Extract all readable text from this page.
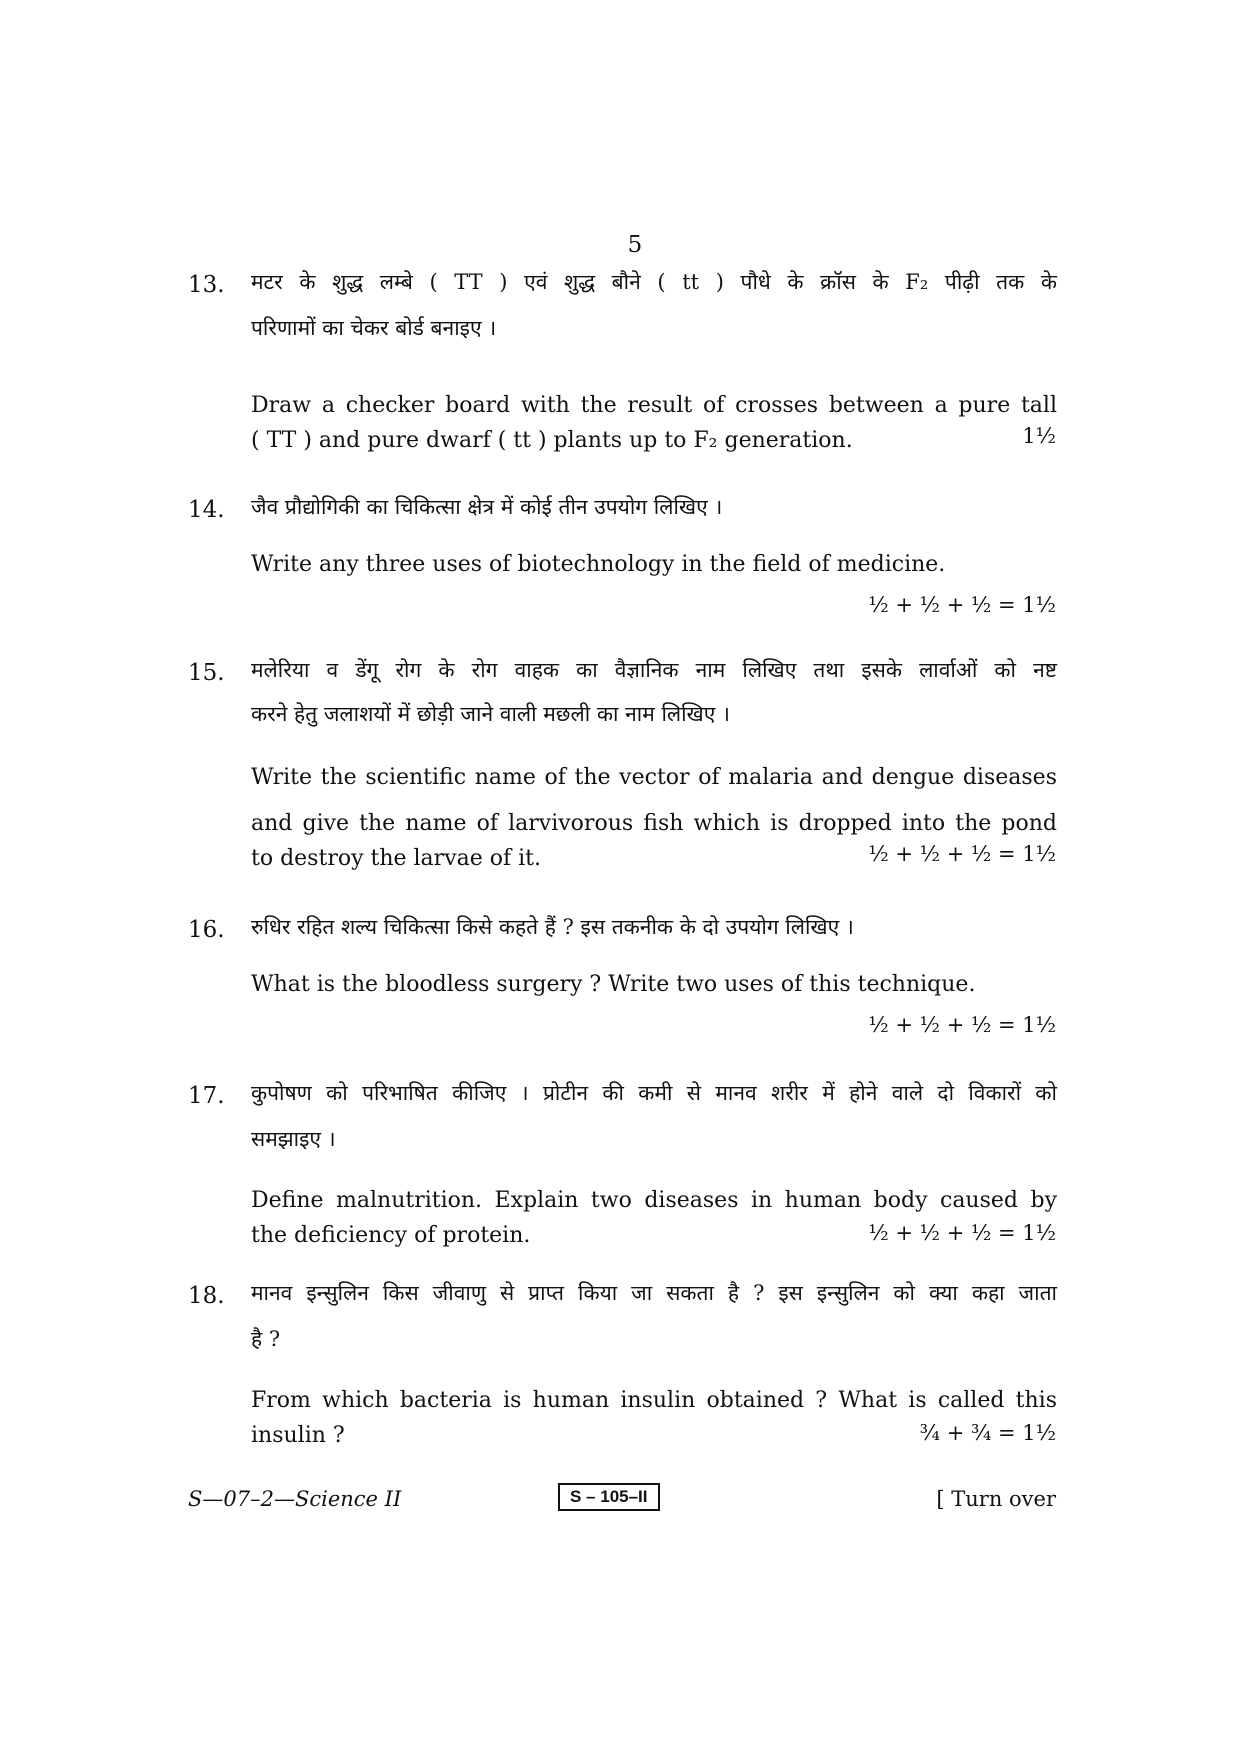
5
13. मटर के शुद्ध लम्बे ( TT ) एवं शुद्ध बौने ( tt ) पौधे के क्रॉस के F₂ पीढ़ी तक के
परिणामों का चेकर बोर्ड बनाइए ।
Draw a checker board with the result of crosses between a pure tall
( TT ) and pure dwarf ( tt ) plants up to F₂ generation.	1½
14. जैव प्रौद्योगिकी का चिकित्सा क्षेत्र में कोई तीन उपयोग लिखिए ।
Write any three uses of biotechnology in the field of medicine.
½ + ½ + ½ = 1½
15. मलेरिया व डेंगू रोग के रोग वाहक का वैज्ञानिक नाम लिखिए तथा इसके लार्वाओं को नष्ट
करने हेतु जलाशयों में छोड़ी जाने वाली मछली का नाम लिखिए ।
Write the scientific name of the vector of malaria and dengue diseases
and give the name of larvivorous fish which is dropped into the pond
to destroy the larvae of it.	½ + ½ + ½ = 1½
16. रुधिर रहित शल्य चिकित्सा किसे कहते हैं ? इस तकनीक के दो उपयोग लिखिए ।
What is the bloodless surgery ? Write two uses of this technique.
½ + ½ + ½ = 1½
17. कुपोषण को परिभाषित कीजिए । प्रोटीन की कमी से मानव शरीर में होने वाले दो विकारों को
समझाइए ।
Define malnutrition. Explain two diseases in human body caused by
the deficiency of protein.	½ + ½ + ½ = 1½
18. मानव इन्सुलिन किस जीवाणु से प्राप्त किया जा सकता है ? इस इन्सुलिन को क्या कहा जाता
है ?
From which bacteria is human insulin obtained ? What is called this
insulin ?	¾ + ¾ = 1½
S—07–2—Science II	S – 105–II	[ Turn over
